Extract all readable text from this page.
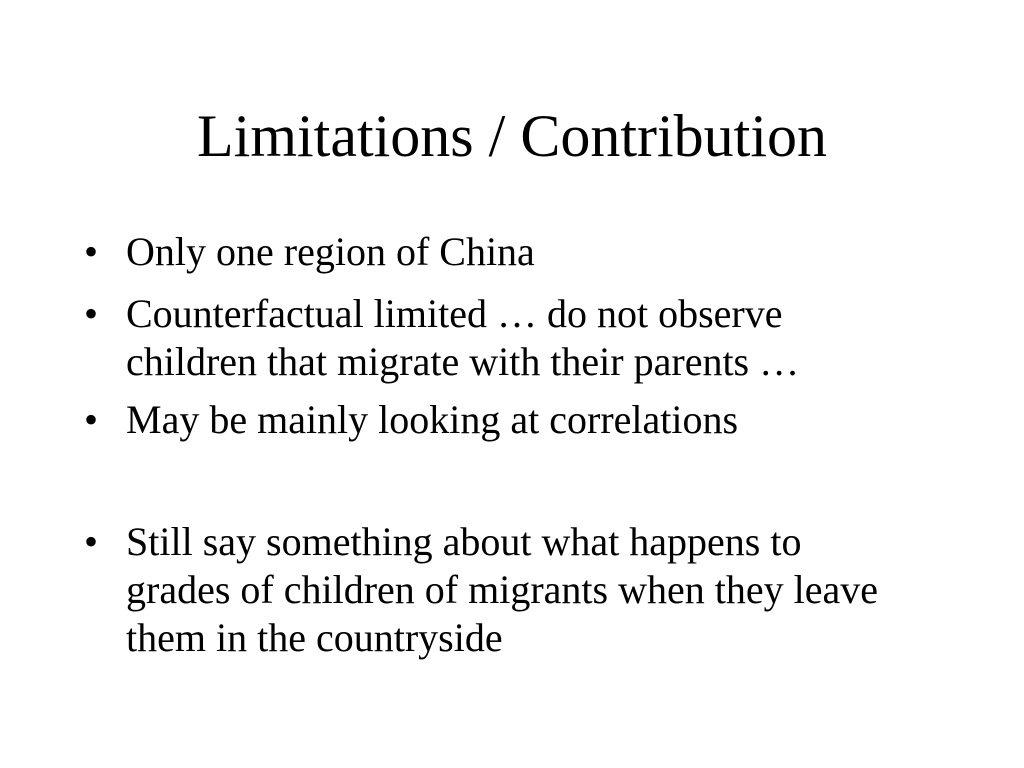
Limitations / Contribution
• Only one region of China
• Counterfactual limited … do not observe children that migrate with their parents …
• May be mainly looking at correlations
• Still say something about what happens to grades of children of migrants when they leave them in the countryside
